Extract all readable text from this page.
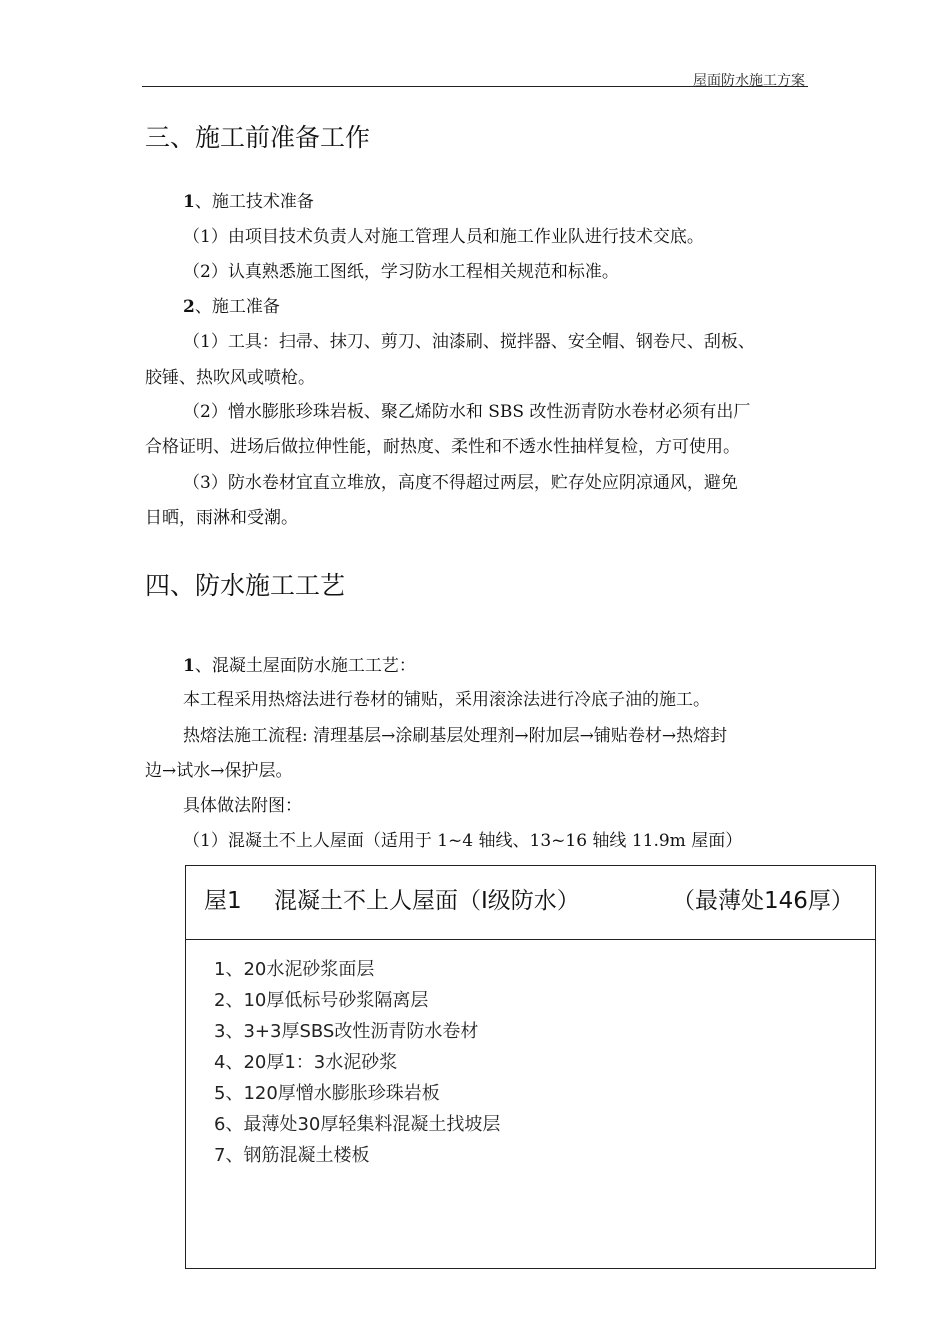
屋面防水施工方案
三、施工前准备工作
1、施工技术准备
（1）由项目技术负责人对施工管理人员和施工作业队进行技术交底。
（2）认真熟悉施工图纸，学习防水工程相关规范和标准。
2、施工准备
（1）工具：扫帚、抹刀、剪刀、油漆刷、搅拌器、安全帽、钢卷尺、刮板、
胶锤、热吹风或喷枪。
（2）憎水膨胀珍珠岩板、聚乙烯防水和 SBS 改性沥青防水卷材必须有出厂
合格证明、进场后做拉伸性能，耐热度、柔性和不透水性抽样复检，方可使用。
（3）防水卷材宜直立堆放，高度不得超过两层，贮存处应阴凉通风，避免
日晒，雨淋和受潮。
四、防水施工工艺
1、混凝土屋面防水施工工艺：
本工程采用热熔法进行卷材的铺贴，采用滚涂法进行冷底子油的施工。
热熔法施工流程: 清理基层→涂刷基层处理剂→附加层→铺贴卷材→热熔封
边→试水→保护层。
具体做法附图：
（1）混凝土不上人屋面（适用于 1~4 轴线、13~16 轴线 11.9m 屋面）
屋1 混凝土不上人屋面（Ⅰ级防水）	（最薄处146厚）
1、20水泥砂浆面层
2、10厚低标号砂浆隔离层
3、3+3厚SBS改性沥青防水卷材
4、20厚1：3水泥砂浆
5、120厚憎水膨胀珍珠岩板
6、最薄处30厚轻集料混凝土找坡层
7、钢筋混凝土楼板
